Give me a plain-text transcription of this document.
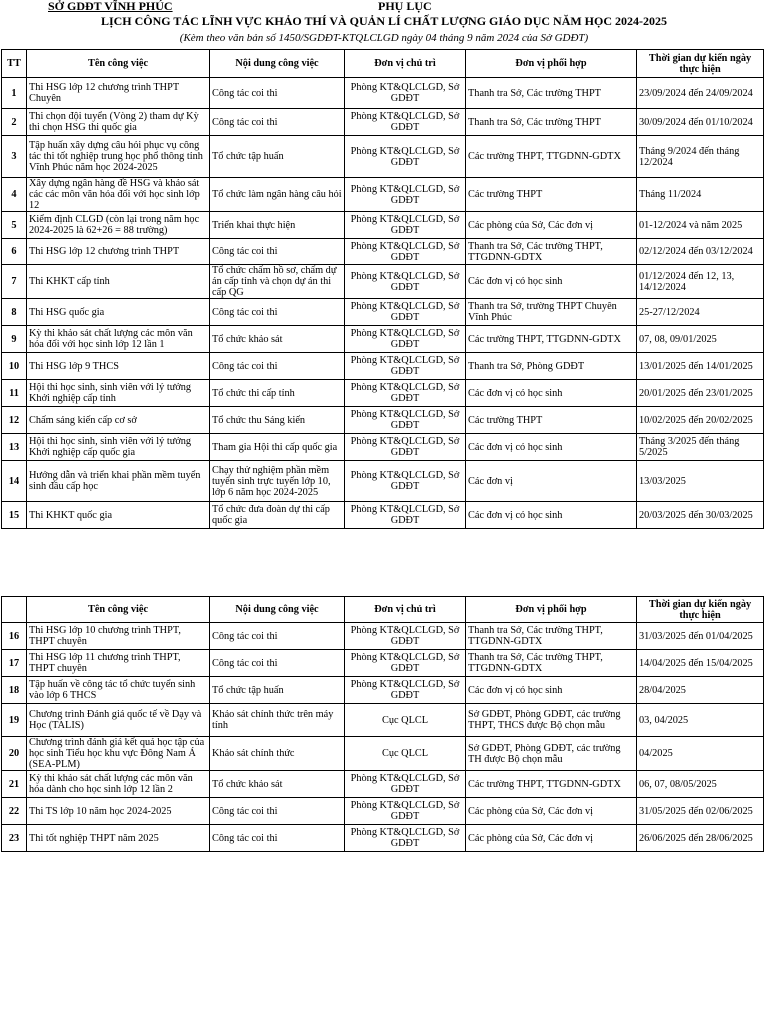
SỞ GDĐT VĨNH PHÚC	PHỤ LỤC
LỊCH CÔNG TÁC LĨNH VỰC KHẢO THÍ VÀ QUẢN LÍ CHẤT LƯỢNG GIÁO DỤC NĂM HỌC 2024-2025
(Kèm theo văn bản số 1450/SGDĐT-KTQLCLGD ngày 04 tháng 9 năm 2024 của Sở GDĐT)
TT	Tên công việc	Nội dung công việc	Đơn vị chủ trì	Đơn vị phối hợp	Thời gian dự kiến ngày thực hiện
1	Thi HSG lớp 12 chương trình THPT Chuyên	Công tác coi thi	Phòng KT&QLCLGD, Sở GDĐT	Thanh tra Sở, Các trường THPT	23/09/2024 đến 24/09/2024
2	Thi chọn đội tuyển (Vòng 2) tham dự Kỳ thi chọn HSG thi quốc gia	Công tác coi thi	Phòng KT&QLCLGD, Sở GDĐT	Thanh tra Sở, Các trường THPT	30/09/2024 đến 01/10/2024
3	Tập huấn xây dựng câu hỏi phục vụ công tác thi tốt nghiệp trung học phổ thông tỉnh Vĩnh Phúc năm học 2024-2025	Tổ chức tập huấn	Phòng KT&QLCLGD, Sở GDĐT	Các trường THPT, TTGDNN-GDTX	Tháng 9/2024 đến tháng 12/2024
4	Xây dựng ngân hàng đề HSG và khảo sát các các môn văn hóa đối với học sinh lớp 12	Tổ chức làm ngân hàng câu hỏi	Phòng KT&QLCLGD, Sở GDĐT	Các trường THPT	Tháng 11/2024
5	Kiểm định CLGD (còn lại trong năm học 2024-2025 là 62+26 = 88 trường)	Triển khai thực hiện	Phòng KT&QLCLGD, Sở GDĐT	Các phòng của Sở, Các đơn vị	01-12/2024 và năm 2025
6	Thi HSG lớp 12 chương trình THPT	Công tác coi thi	Phòng KT&QLCLGD, Sở GDĐT	Thanh tra Sở, Các trường THPT, TTGDNN-GDTX	02/12/2024 đến 03/12/2024
7	Thi KHKT cấp tỉnh	Tổ chức chấm hồ sơ, chấm dự án cấp tỉnh và chọn dự án thi cấp QG	Phòng KT&QLCLGD, Sở GDĐT	Các đơn vị có học sinh	01/12/2024 đến 12, 13, 14/12/2024
8	Thi HSG quốc gia	Công tác coi thi	Phòng KT&QLCLGD, Sở GDĐT	Thanh tra Sở, trường THPT Chuyên Vĩnh Phúc	25-27/12/2024
9	Kỳ thi khảo sát chất lượng các môn văn hóa đối với học sinh lớp 12 lần 1	Tổ chức khảo sát	Phòng KT&QLCLGD, Sở GDĐT	Các trường THPT, TTGDNN-GDTX	07, 08, 09/01/2025
10	Thi HSG lớp 9 THCS	Công tác coi thi	Phòng KT&QLCLGD, Sở GDĐT	Thanh tra Sở, Phòng GDĐT	13/01/2025 đến 14/01/2025
11	Hội thi học sinh, sinh viên với lý tưởng Khởi nghiệp cấp tỉnh	Tổ chức thi cấp tỉnh	Phòng KT&QLCLGD, Sở GDĐT	Các đơn vị có học sinh	20/01/2025 đến 23/01/2025
12	Chấm sáng kiến cấp cơ sở	Tổ chức thu Sáng kiến	Phòng KT&QLCLGD, Sở GDĐT	Các trường THPT	10/02/2025 đến 20/02/2025
13	Hội thi học sinh, sinh viên với lý tưởng Khởi nghiệp cấp quốc gia	Tham gia Hội thi cấp quốc gia	Phòng KT&QLCLGD, Sở GDĐT	Các đơn vị có học sinh	Tháng 3/2025 đến tháng 5/2025
14	Hướng dẫn và triển khai phần mềm tuyển sinh đầu cấp học	Chạy thử nghiệm phần mềm tuyển sinh trực tuyến lớp 10, lớp 6 năm học 2024-2025	Phòng KT&QLCLGD, Sở GDĐT	Các đơn vị	13/03/2025
15	Thi KHKT quốc gia	Tổ chức đưa đoàn dự thi cấp quốc gia	Phòng KT&QLCLGD, Sở GDĐT	Các đơn vị có học sinh	20/03/2025 đến 30/03/2025
	Tên công việc	Nội dung công việc	Đơn vị chủ trì	Đơn vị phối hợp	Thời gian dự kiến ngày thực hiện
16	Thi HSG lớp 10 chương trình THPT, THPT chuyên	Công tác coi thi	Phòng KT&QLCLGD, Sở GDĐT	Thanh tra Sở, Các trường THPT, TTGDNN-GDTX	31/03/2025 đến 01/04/2025
17	Thi HSG lớp 11 chương trình THPT, THPT chuyên	Công tác coi thi	Phòng KT&QLCLGD, Sở GDĐT	Thanh tra Sở, Các trường THPT, TTGDNN-GDTX	14/04/2025 đến 15/04/2025
18	Tập huấn về công tác tổ chức tuyển sinh vào lớp 6 THCS	Tổ chức tập huấn	Phòng KT&QLCLGD, Sở GDĐT	Các đơn vị có học sinh	28/04/2025
19	Chương trình Đánh giá quốc tế về Dạy và Học (TALIS)	Khảo sát chính thức trên máy tính	Cục QLCL	Sở GDĐT, Phòng GDĐT, các trường THPT, THCS được Bộ chọn mẫu	03, 04/2025
20	Chương trình đánh giá kết quả học tập của học sinh Tiểu học khu vực Đông Nam Á (SEA-PLM)	Khảo sát chính thức	Cục QLCL	Sở GDĐT, Phòng GDĐT, các trường TH được Bộ chọn mẫu	04/2025
21	Kỳ thi khảo sát chất lượng các môn văn hóa dành cho học sinh lớp 12 lần 2	Tổ chức khảo sát	Phòng KT&QLCLGD, Sở GDĐT	Các trường THPT, TTGDNN-GDTX	06, 07, 08/05/2025
22	Thi TS lớp 10 năm học 2024-2025	Công tác coi thi	Phòng KT&QLCLGD, Sở GDĐT	Các phòng của Sở, Các đơn vị	31/05/2025 đến 02/06/2025
23	Thi tốt nghiệp THPT năm 2025	Công tác coi thi	Phòng KT&QLCLGD, Sở GDĐT	Các phòng của Sở, Các đơn vị	26/06/2025 đến 28/06/2025
